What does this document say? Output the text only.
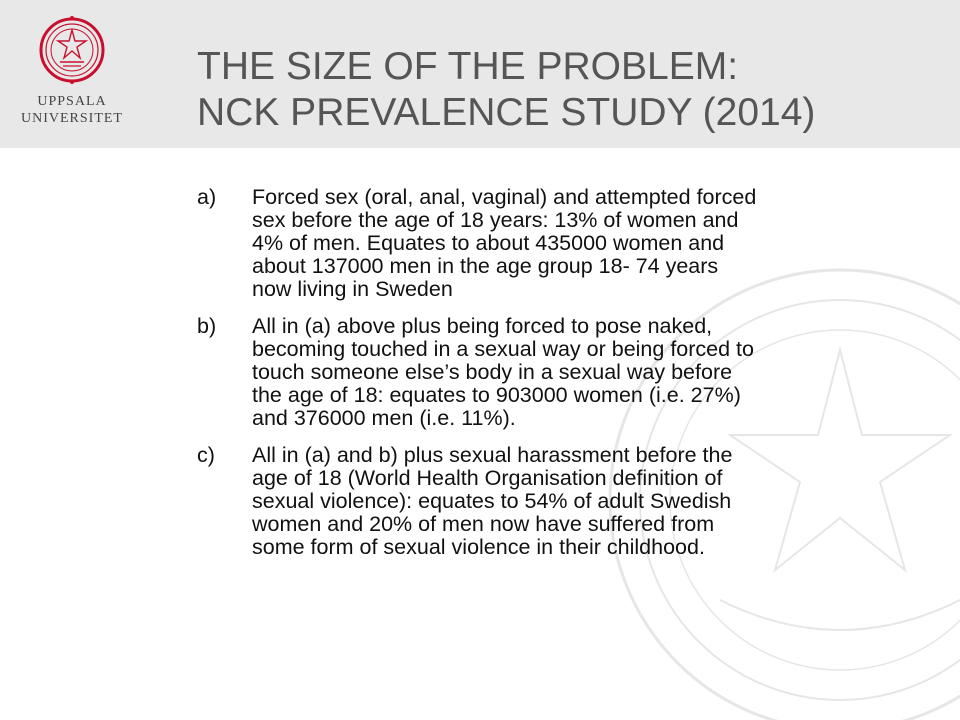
UPPSALA
UNIVERSITET
THE SIZE OF THE PROBLEM:
NCK PREVALENCE STUDY (2014)
a) Forced sex (oral, anal, vaginal) and attempted forced
sex before the age of 18 years: 13% of women and
4% of men. Equates to about 435000 women and
about 137000 men in the age group 18- 74 years
now living in Sweden
b) All in (a) above plus being forced to pose naked,
becoming touched in a sexual way or being forced to
touch someone else’s body in a sexual way before
the age of 18: equates to 903000 women (i.e. 27%)
and 376000 men (i.e. 11%).
c) All in (a) and b) plus sexual harassment before the
age of 18 (World Health Organisation definition of
sexual violence): equates to 54% of adult Swedish
women and 20% of men now have suffered from
some form of sexual violence in their childhood.
